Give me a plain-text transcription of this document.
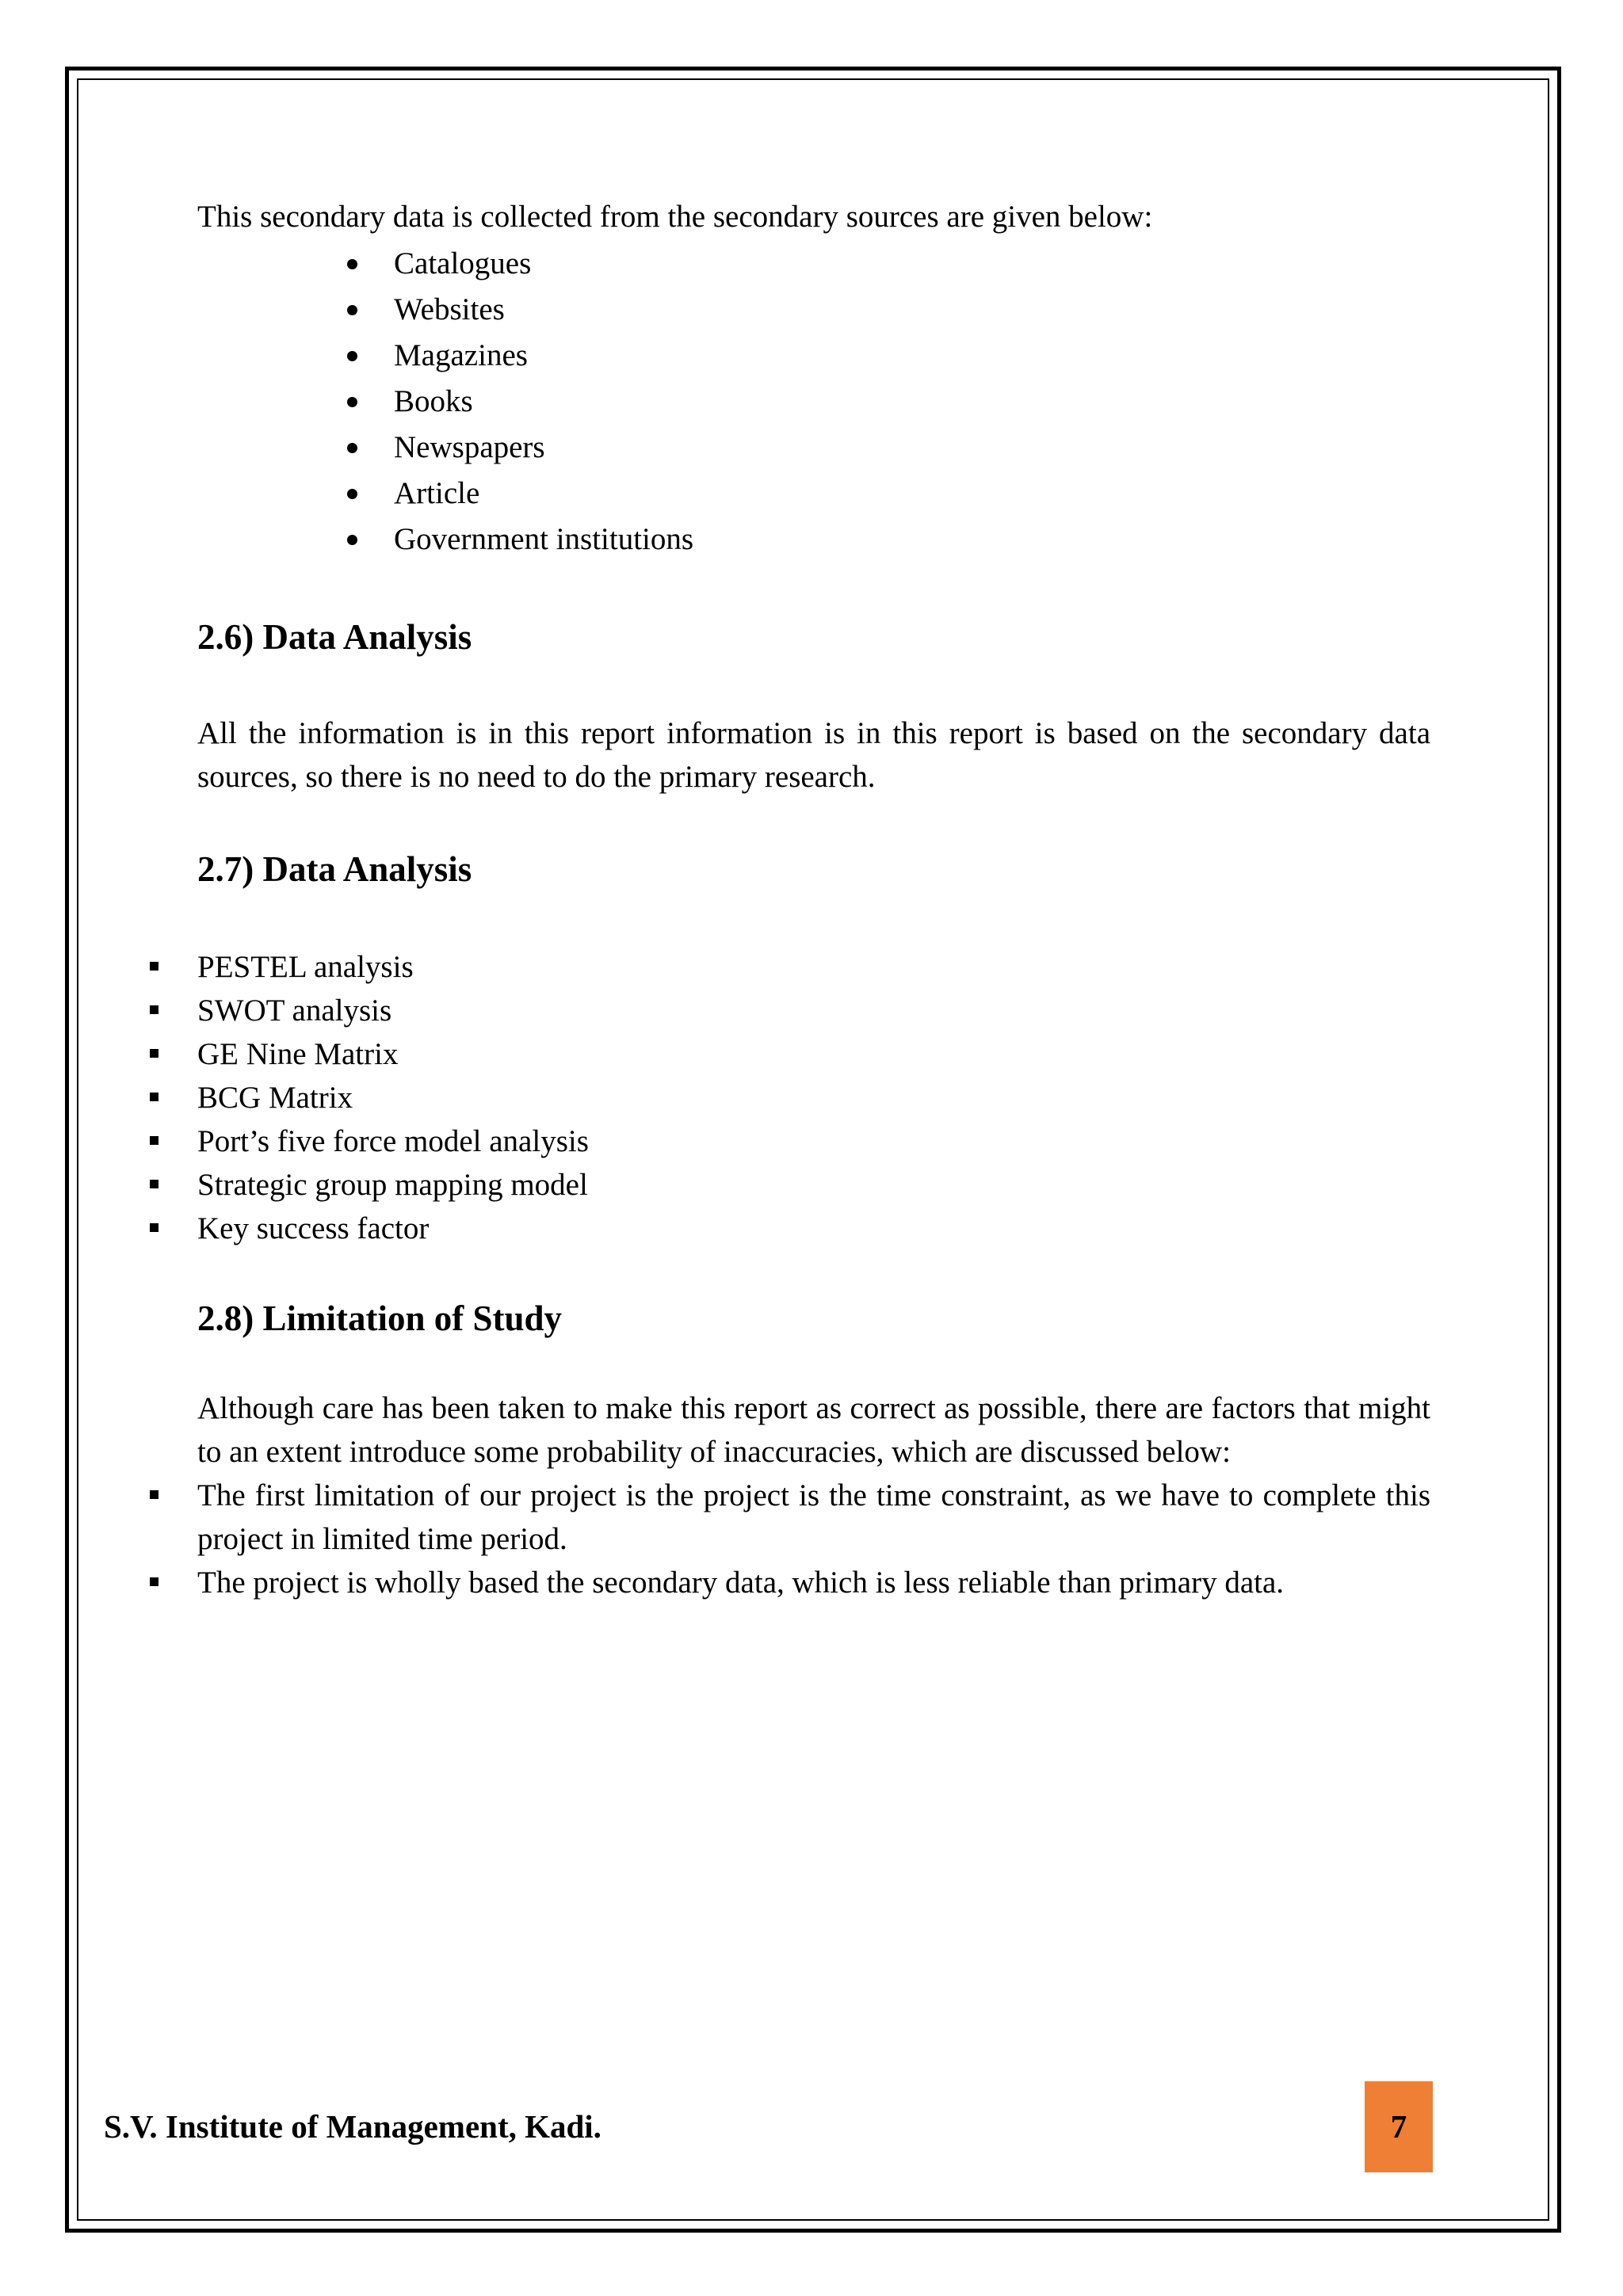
This secondary data is collected from the secondary sources are given below:

Catalogues
Websites
Magazines
Books
Newspapers
Article
Government institutions
2.6) Data Analysis

All the information is in this report information is in this report is based on the secondary data sources, so there is no need to do the primary research.

2.7) Data Analysis
PESTEL analysis
SWOT analysis
GE Nine Matrix
BCG Matrix
Port’s five force model analysis
Strategic group mapping model
Key success factor
2.8) Limitation of Study

Although care has been taken to make this report as correct as possible, there are factors that might to an extent introduce some probability of inaccuracies, which are discussed below:

The first limitation of our project is the project is the time constraint, as we have to complete this project in limited time period.
The project is wholly based the secondary data, which is less reliable than primary data.
S.V. Institute of Management, Kadi.	7
